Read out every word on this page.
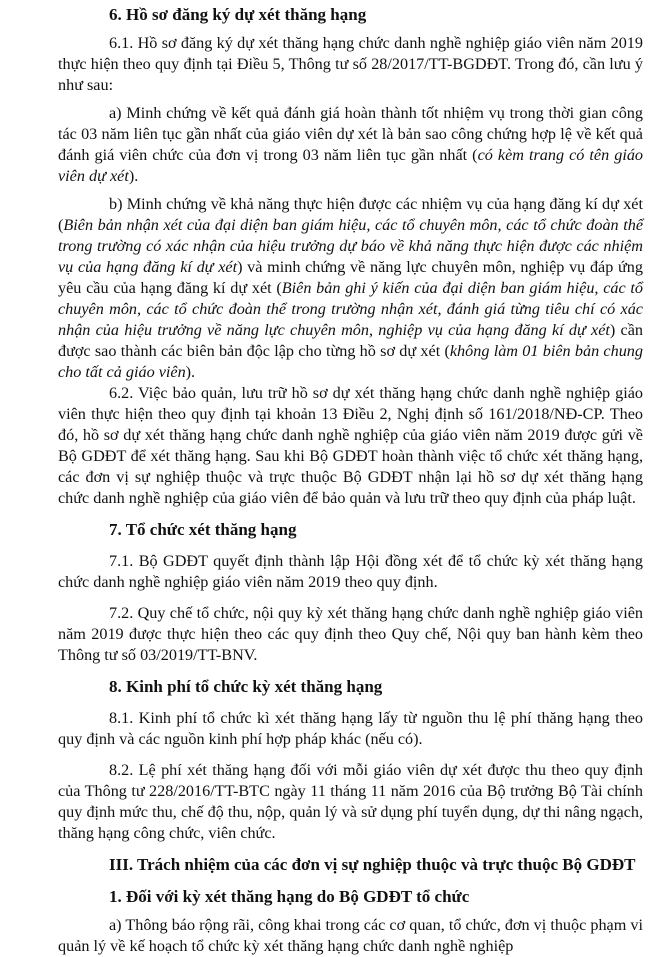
6. Hồ sơ đăng ký dự xét thăng hạng

6.1. Hồ sơ đăng ký dự xét thăng hạng chức danh nghề nghiệp giáo viên năm 2019 thực hiện theo quy định tại Điều 5, Thông tư số 28/2017/TT-BGDĐT. Trong đó, cần lưu ý như sau:

a) Minh chứng về kết quả đánh giá hoàn thành tốt nhiệm vụ trong thời gian công tác 03 năm liên tục gần nhất của giáo viên dự xét là bản sao công chứng hợp lệ về kết quả đánh giá viên chức của đơn vị trong 03 năm liên tục gần nhất (có kèm trang có tên giáo viên dự xét).

b) Minh chứng về khả năng thực hiện được các nhiệm vụ của hạng đăng kí dự xét (Biên bản nhận xét của đại diện ban giám hiệu, các tổ chuyên môn, các tổ chức đoàn thể trong trường có xác nhận của hiệu trưởng dự báo về khả năng thực hiện được các nhiệm vụ của hạng đăng kí dự xét) và minh chứng về năng lực chuyên môn, nghiệp vụ đáp ứng yêu cầu của hạng đăng kí dự xét (Biên bản ghi ý kiến của đại diện ban giám hiệu, các tổ chuyên môn, các tổ chức đoàn thể trong trường nhận xét, đánh giá từng tiêu chí có xác nhận của hiệu trưởng về năng lực chuyên môn, nghiệp vụ của hạng đăng kí dự xét) cần được sao thành các biên bản độc lập cho từng hồ sơ dự xét (không làm 01 biên bản chung cho tất cả giáo viên).

6.2. Việc bảo quản, lưu trữ hồ sơ dự xét thăng hạng chức danh nghề nghiệp giáo viên thực hiện theo quy định tại khoản 13 Điều 2, Nghị định số 161/2018/NĐ-CP. Theo đó, hồ sơ dự xét thăng hạng chức danh nghề nghiệp của giáo viên năm 2019 được gửi về Bộ GDĐT để xét thăng hạng. Sau khi Bộ GDĐT hoàn thành việc tổ chức xét thăng hạng, các đơn vị sự nghiệp thuộc và trực thuộc Bộ GDĐT nhận lại hồ sơ dự xét thăng hạng chức danh nghề nghiệp của giáo viên để bảo quản và lưu trữ theo quy định của pháp luật.

7. Tổ chức xét thăng hạng

7.1. Bộ GDĐT quyết định thành lập Hội đồng xét để tổ chức kỳ xét thăng hạng chức danh nghề nghiệp giáo viên năm 2019 theo quy định.

7.2. Quy chế tổ chức, nội quy kỳ xét thăng hạng chức danh nghề nghiệp giáo viên năm 2019 được thực hiện theo các quy định theo Quy chế, Nội quy ban hành kèm theo Thông tư số 03/2019/TT-BNV.

8. Kinh phí tổ chức kỳ xét thăng hạng

8.1. Kinh phí tổ chức kì xét thăng hạng lấy từ nguồn thu lệ phí thăng hạng theo quy định và các nguồn kinh phí hợp pháp khác (nếu có).

8.2. Lệ phí xét thăng hạng đối với mỗi giáo viên dự xét được thu theo quy định của Thông tư 228/2016/TT-BTC ngày 11 tháng 11 năm 2016 của Bộ trưởng Bộ Tài chính quy định mức thu, chế độ thu, nộp, quản lý và sử dụng phí tuyển dụng, dự thi nâng ngạch, thăng hạng công chức, viên chức.

III. Trách nhiệm của các đơn vị sự nghiệp thuộc và trực thuộc Bộ GDĐT

1. Đối với kỳ xét thăng hạng do Bộ GDĐT tổ chức

a) Thông báo rộng rãi, công khai trong các cơ quan, tổ chức, đơn vị thuộc phạm vi quản lý về kế hoạch tổ chức kỳ xét thăng hạng chức danh nghề nghiệp
